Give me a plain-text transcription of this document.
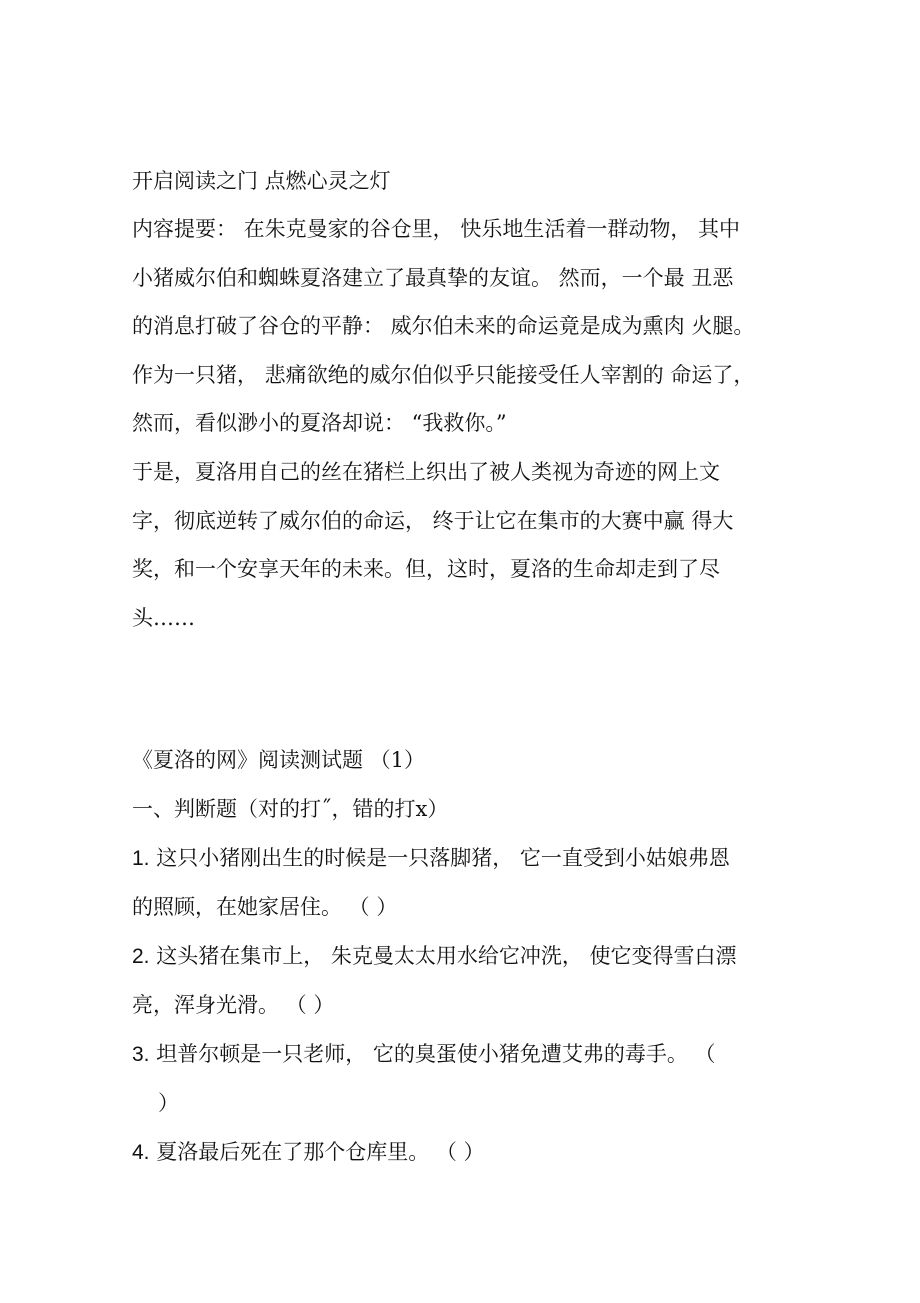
开启阅读之门 点燃心灵之灯
内容提要： 在朱克曼家的谷仓里， 快乐地生活着一群动物， 其中
小猪威尔伯和蜘蛛夏洛建立了最真挚的友谊。 然而，一个最 丑恶
的消息打破了谷仓的平静： 威尔伯未来的命运竟是成为熏肉 火腿。
作为一只猪， 悲痛欲绝的威尔伯似乎只能接受任人宰割的 命运了，
然而，看似渺小的夏洛却说： “我救你。”
于是，夏洛用自己的丝在猪栏上织出了被人类视为奇迹的网上文
字，彻底逆转了威尔伯的命运， 终于让它在集市的大赛中赢 得大
奖，和一个安享天年的未来。但，这时，夏洛的生命却走到了尽
头……
《夏洛的网》阅读测试题 （1）
一、判断题（对的打˝，错的打x）
1. 这只小猪刚出生的时候是一只落脚猪， 它一直受到小姑娘弗恩
的照顾，在她家居住。 （ ）
2. 这头猪在集市上， 朱克曼太太用水给它冲洗， 使它变得雪白漂
亮，浑身光滑。 （ ）
3. 坦普尔顿是一只老师， 它的臭蛋使小猪免遭艾弗的毒手。 （
）
4. 夏洛最后死在了那个仓库里。 （ ）
